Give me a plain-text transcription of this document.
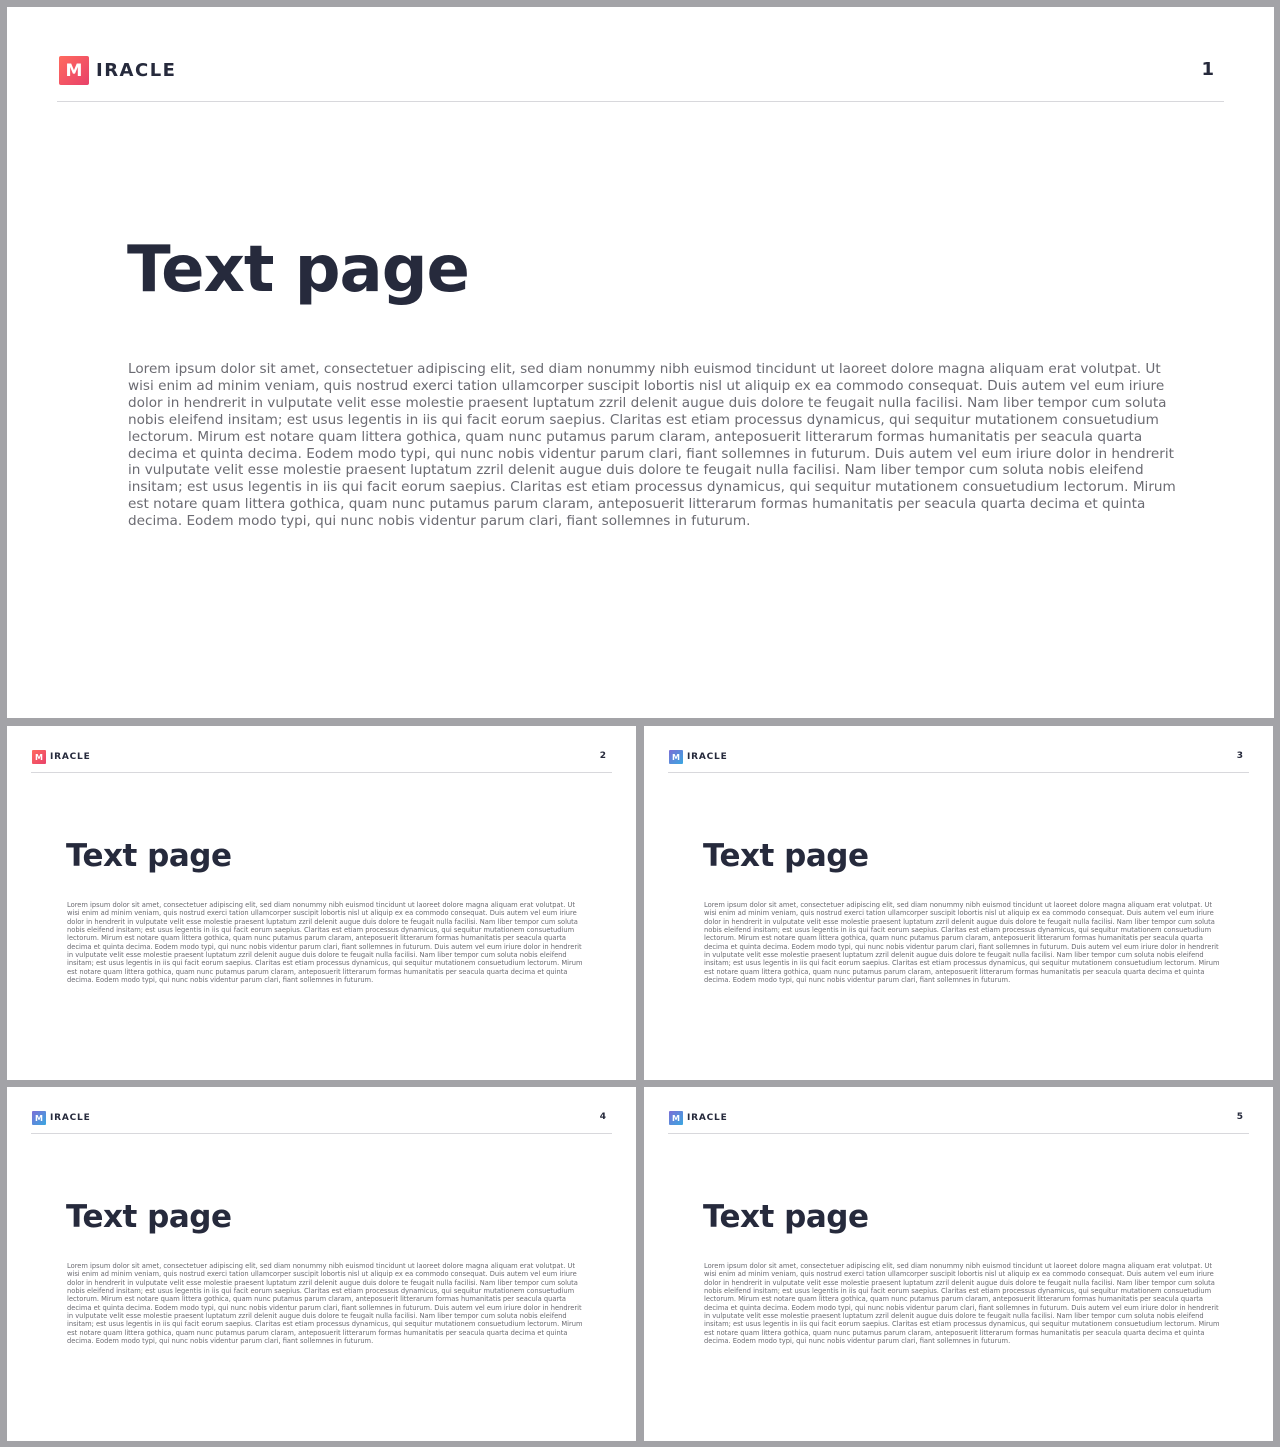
M IRACLE	1
Text page

Lorem ipsum dolor sit amet, consectetuer adipiscing elit, sed diam nonummy nibh euismod tincidunt ut laoreet dolore magna aliquam erat volutpat. Ut wisi enim ad minim veniam, quis nostrud exerci tation ullamcorper suscipit lobortis nisl ut aliquip ex ea commodo consequat. Duis autem vel eum iriure dolor in hendrerit in vulputate velit esse molestie praesent luptatum zzril delenit augue duis dolore te feugait nulla facilisi. Nam liber tempor cum soluta nobis eleifend insitam; est usus legentis in iis qui facit eorum saepius. Claritas est etiam processus dynamicus, qui sequitur mutationem consuetudium lectorum. Mirum est notare quam littera gothica, quam nunc putamus parum claram, anteposuerit litterarum formas humanitatis per seacula quarta decima et quinta decima. Eodem modo typi, qui nunc nobis videntur parum clari, fiant sollemnes in futurum. Duis autem vel eum iriure dolor in hendrerit in vulputate velit esse molestie praesent luptatum zzril delenit augue duis dolore te feugait nulla facilisi. Nam liber tempor cum soluta nobis eleifend insitam; est usus legentis in iis qui facit eorum saepius. Claritas est etiam processus dynamicus, qui sequitur mutationem consuetudium lectorum. Mirum est notare quam littera gothica, quam nunc putamus parum claram, anteposuerit litterarum formas humanitatis per seacula quarta decima et quinta decima. Eodem modo typi, qui nunc nobis videntur parum clari, fiant sollemnes in futurum.

M IRACLE	2
Text page

Lorem ipsum dolor sit amet, consectetuer adipiscing elit, sed diam nonummy nibh euismod tincidunt ut laoreet dolore magna aliquam erat volutpat. Ut wisi enim ad minim veniam, quis nostrud exerci tation ullamcorper suscipit lobortis nisl ut aliquip ex ea commodo consequat. Duis autem vel eum iriure dolor in hendrerit in vulputate velit esse molestie praesent luptatum zzril delenit augue duis dolore te feugait nulla facilisi. Nam liber tempor cum soluta nobis eleifend insitam; est usus legentis in iis qui facit eorum saepius. Claritas est etiam processus dynamicus, qui sequitur mutationem consuetudium lectorum. Mirum est notare quam littera gothica, quam nunc putamus parum claram, anteposuerit litterarum formas humanitatis per seacula quarta decima et quinta decima. Eodem modo typi, qui nunc nobis videntur parum clari, fiant sollemnes in futurum. Duis autem vel eum iriure dolor in hendrerit in vulputate velit esse molestie praesent luptatum zzril delenit augue duis dolore te feugait nulla facilisi. Nam liber tempor cum soluta nobis eleifend insitam; est usus legentis in iis qui facit eorum saepius. Claritas est etiam processus dynamicus, qui sequitur mutationem consuetudium lectorum. Mirum est notare quam littera gothica, quam nunc putamus parum claram, anteposuerit litterarum formas humanitatis per seacula quarta decima et quinta decima. Eodem modo typi, qui nunc nobis videntur parum clari, fiant sollemnes in futurum.

M IRACLE	3
Text page

Lorem ipsum dolor sit amet, consectetuer adipiscing elit, sed diam nonummy nibh euismod tincidunt ut laoreet dolore magna aliquam erat volutpat. Ut wisi enim ad minim veniam, quis nostrud exerci tation ullamcorper suscipit lobortis nisl ut aliquip ex ea commodo consequat. Duis autem vel eum iriure dolor in hendrerit in vulputate velit esse molestie praesent luptatum zzril delenit augue duis dolore te feugait nulla facilisi. Nam liber tempor cum soluta nobis eleifend insitam; est usus legentis in iis qui facit eorum saepius. Claritas est etiam processus dynamicus, qui sequitur mutationem consuetudium lectorum. Mirum est notare quam littera gothica, quam nunc putamus parum claram, anteposuerit litterarum formas humanitatis per seacula quarta decima et quinta decima. Eodem modo typi, qui nunc nobis videntur parum clari, fiant sollemnes in futurum. Duis autem vel eum iriure dolor in hendrerit in vulputate velit esse molestie praesent luptatum zzril delenit augue duis dolore te feugait nulla facilisi. Nam liber tempor cum soluta nobis eleifend insitam; est usus legentis in iis qui facit eorum saepius. Claritas est etiam processus dynamicus, qui sequitur mutationem consuetudium lectorum. Mirum est notare quam littera gothica, quam nunc putamus parum claram, anteposuerit litterarum formas humanitatis per seacula quarta decima et quinta decima. Eodem modo typi, qui nunc nobis videntur parum clari, fiant sollemnes in futurum.

M IRACLE	4
Text page

Lorem ipsum dolor sit amet, consectetuer adipiscing elit, sed diam nonummy nibh euismod tincidunt ut laoreet dolore magna aliquam erat volutpat. Ut wisi enim ad minim veniam, quis nostrud exerci tation ullamcorper suscipit lobortis nisl ut aliquip ex ea commodo consequat. Duis autem vel eum iriure dolor in hendrerit in vulputate velit esse molestie praesent luptatum zzril delenit augue duis dolore te feugait nulla facilisi. Nam liber tempor cum soluta nobis eleifend insitam; est usus legentis in iis qui facit eorum saepius. Claritas est etiam processus dynamicus, qui sequitur mutationem consuetudium lectorum. Mirum est notare quam littera gothica, quam nunc putamus parum claram, anteposuerit litterarum formas humanitatis per seacula quarta decima et quinta decima. Eodem modo typi, qui nunc nobis videntur parum clari, fiant sollemnes in futurum. Duis autem vel eum iriure dolor in hendrerit in vulputate velit esse molestie praesent luptatum zzril delenit augue duis dolore te feugait nulla facilisi. Nam liber tempor cum soluta nobis eleifend insitam; est usus legentis in iis qui facit eorum saepius. Claritas est etiam processus dynamicus, qui sequitur mutationem consuetudium lectorum. Mirum est notare quam littera gothica, quam nunc putamus parum claram, anteposuerit litterarum formas humanitatis per seacula quarta decima et quinta decima. Eodem modo typi, qui nunc nobis videntur parum clari, fiant sollemnes in futurum.

M IRACLE	5
Text page

Lorem ipsum dolor sit amet, consectetuer adipiscing elit, sed diam nonummy nibh euismod tincidunt ut laoreet dolore magna aliquam erat volutpat. Ut wisi enim ad minim veniam, quis nostrud exerci tation ullamcorper suscipit lobortis nisl ut aliquip ex ea commodo consequat. Duis autem vel eum iriure dolor in hendrerit in vulputate velit esse molestie praesent luptatum zzril delenit augue duis dolore te feugait nulla facilisi. Nam liber tempor cum soluta nobis eleifend insitam; est usus legentis in iis qui facit eorum saepius. Claritas est etiam processus dynamicus, qui sequitur mutationem consuetudium lectorum. Mirum est notare quam littera gothica, quam nunc putamus parum claram, anteposuerit litterarum formas humanitatis per seacula quarta decima et quinta decima. Eodem modo typi, qui nunc nobis videntur parum clari, fiant sollemnes in futurum. Duis autem vel eum iriure dolor in hendrerit in vulputate velit esse molestie praesent luptatum zzril delenit augue duis dolore te feugait nulla facilisi. Nam liber tempor cum soluta nobis eleifend insitam; est usus legentis in iis qui facit eorum saepius. Claritas est etiam processus dynamicus, qui sequitur mutationem consuetudium lectorum. Mirum est notare quam littera gothica, quam nunc putamus parum claram, anteposuerit litterarum formas humanitatis per seacula quarta decima et quinta decima. Eodem modo typi, qui nunc nobis videntur parum clari, fiant sollemnes in futurum.
